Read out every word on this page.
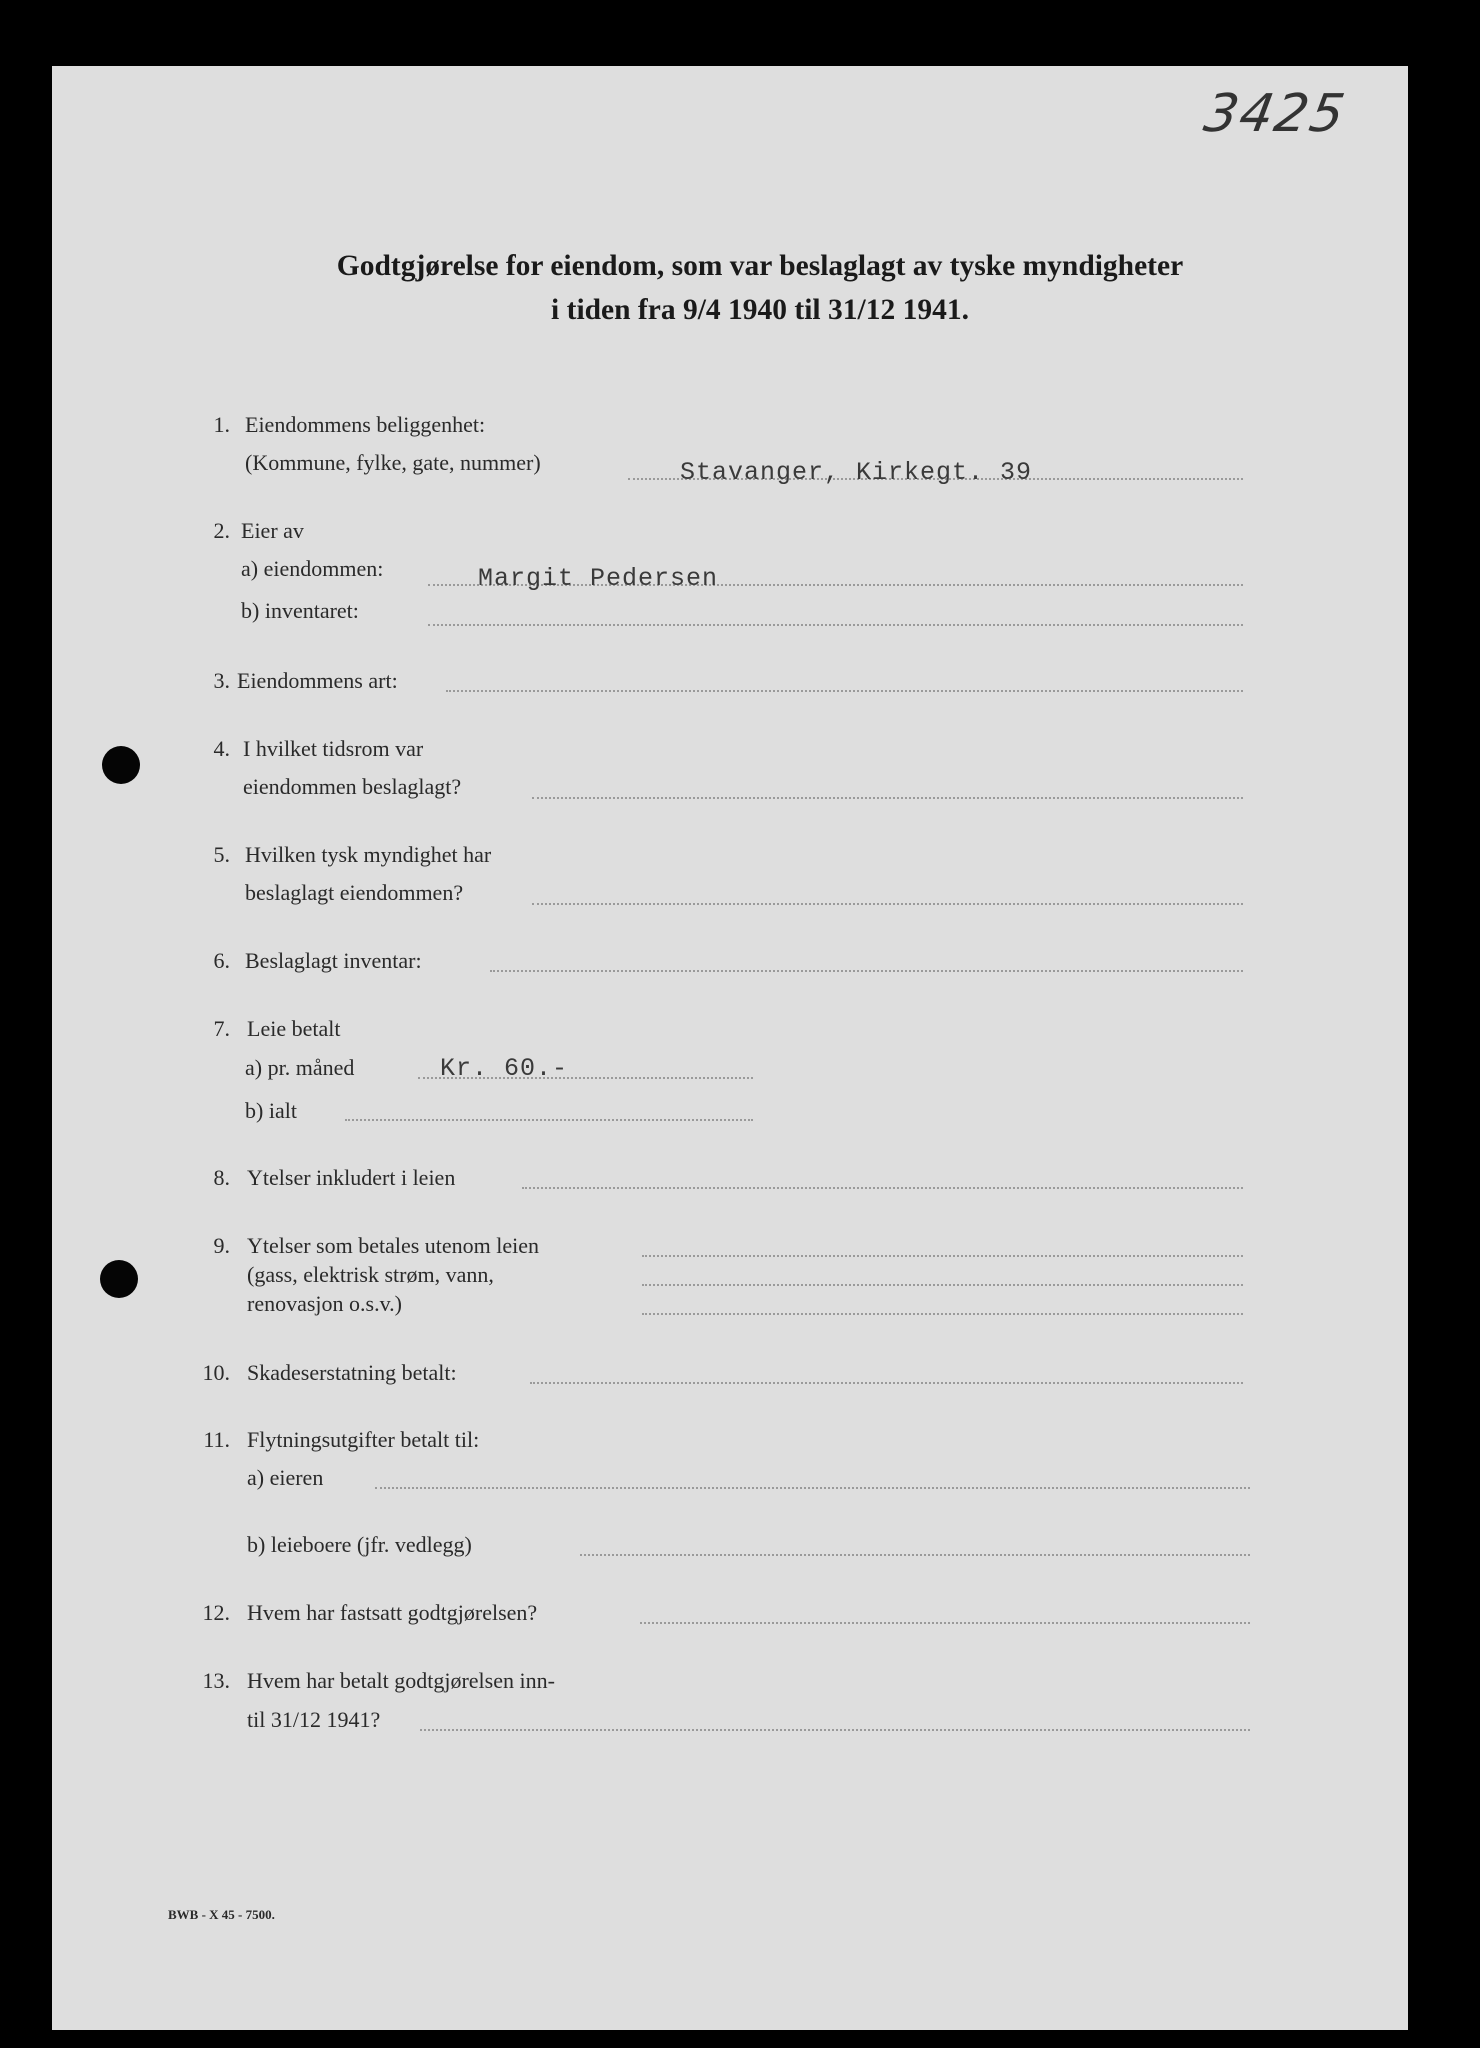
3425
Godtgjørelse for eiendom, som var beslaglagt av tyske myndigheter
i tiden fra 9/4 1940 til 31/12 1941.
1. Eiendommens beliggenhet:
(Kommune, fylke, gate, nummer)	Stavanger, Kirkegt. 39
2. Eier av
a) eiendommen:	Margit Pedersen
b) inventaret:
3. Eiendommens art:
4. I hvilket tidsrom var
eiendommen beslaglagt?
5. Hvilken tysk myndighet har
beslaglagt eiendommen?
6. Beslaglagt inventar:
7. Leie betalt
a) pr. måned	Kr. 60.-
b) ialt
8. Ytelser inkludert i leien
9. Ytelser som betales utenom leien
(gass, elektrisk strøm, vann,
renovasjon o.s.v.)
10. Skadeserstatning betalt:
11. Flytningsutgifter betalt til:
a) eieren
b) leieboere (jfr. vedlegg)
12. Hvem har fastsatt godtgjørelsen?
13. Hvem har betalt godtgjørelsen inn-
til 31/12 1941?
BWB - X 45 - 7500.
